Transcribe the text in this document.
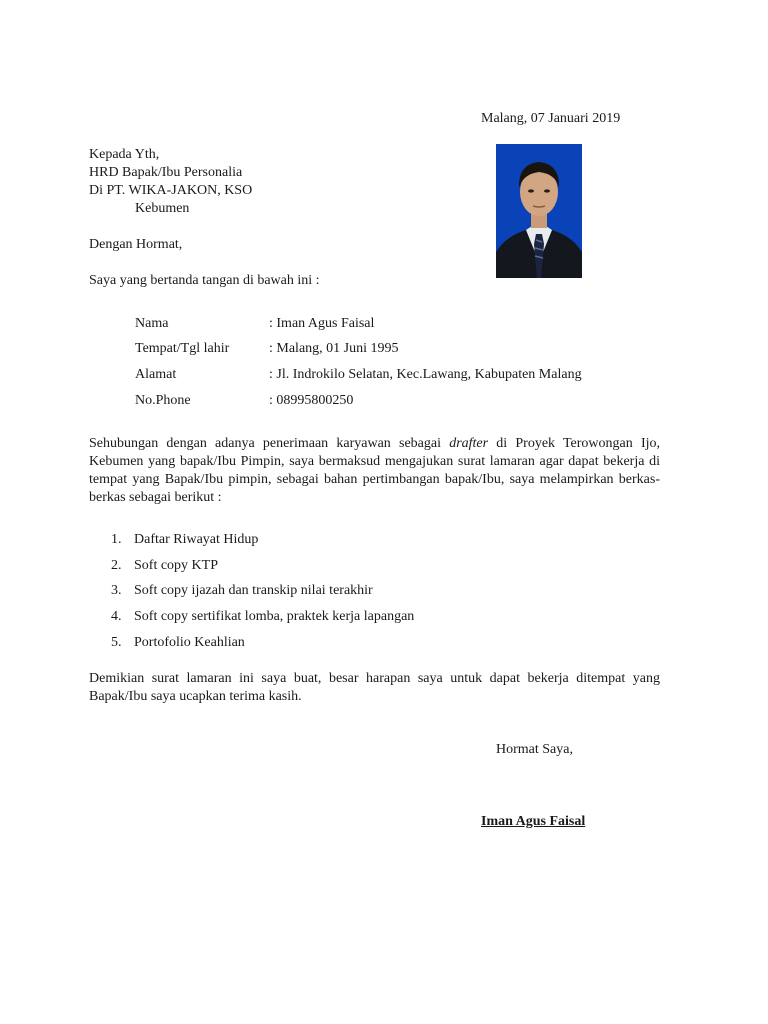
Malang, 07 Januari 2019
Kepada Yth,
HRD Bapak/Ibu Personalia
Di PT. WIKA-JAKON, KSO
Kebumen
Dengan Hormat,
Saya yang bertanda tangan di bawah ini :
Nama	: Iman Agus Faisal
Tempat/Tgl lahir	: Malang, 01 Juni 1995
Alamat	: Jl. Indrokilo Selatan, Kec.Lawang, Kabupaten Malang
No.Phone	: 08995800250
Sehubungan dengan adanya penerimaan karyawan sebagai drafter di Proyek Terowongan Ijo, Kebumen yang bapak/Ibu Pimpin, saya bermaksud mengajukan surat lamaran agar dapat bekerja di tempat yang Bapak/Ibu pimpin, sebagai bahan pertimbangan bapak/Ibu, saya melampirkan berkas-berkas sebagai berikut :
1. Daftar Riwayat Hidup
2. Soft copy KTP
3. Soft copy ijazah dan transkip nilai terakhir
4. Soft copy sertifikat lomba, praktek kerja lapangan
5. Portofolio Keahlian
Demikian surat lamaran ini saya buat, besar harapan saya untuk dapat bekerja ditempat yang Bapak/Ibu saya ucapkan terima kasih.
Hormat Saya,
Iman Agus Faisal
